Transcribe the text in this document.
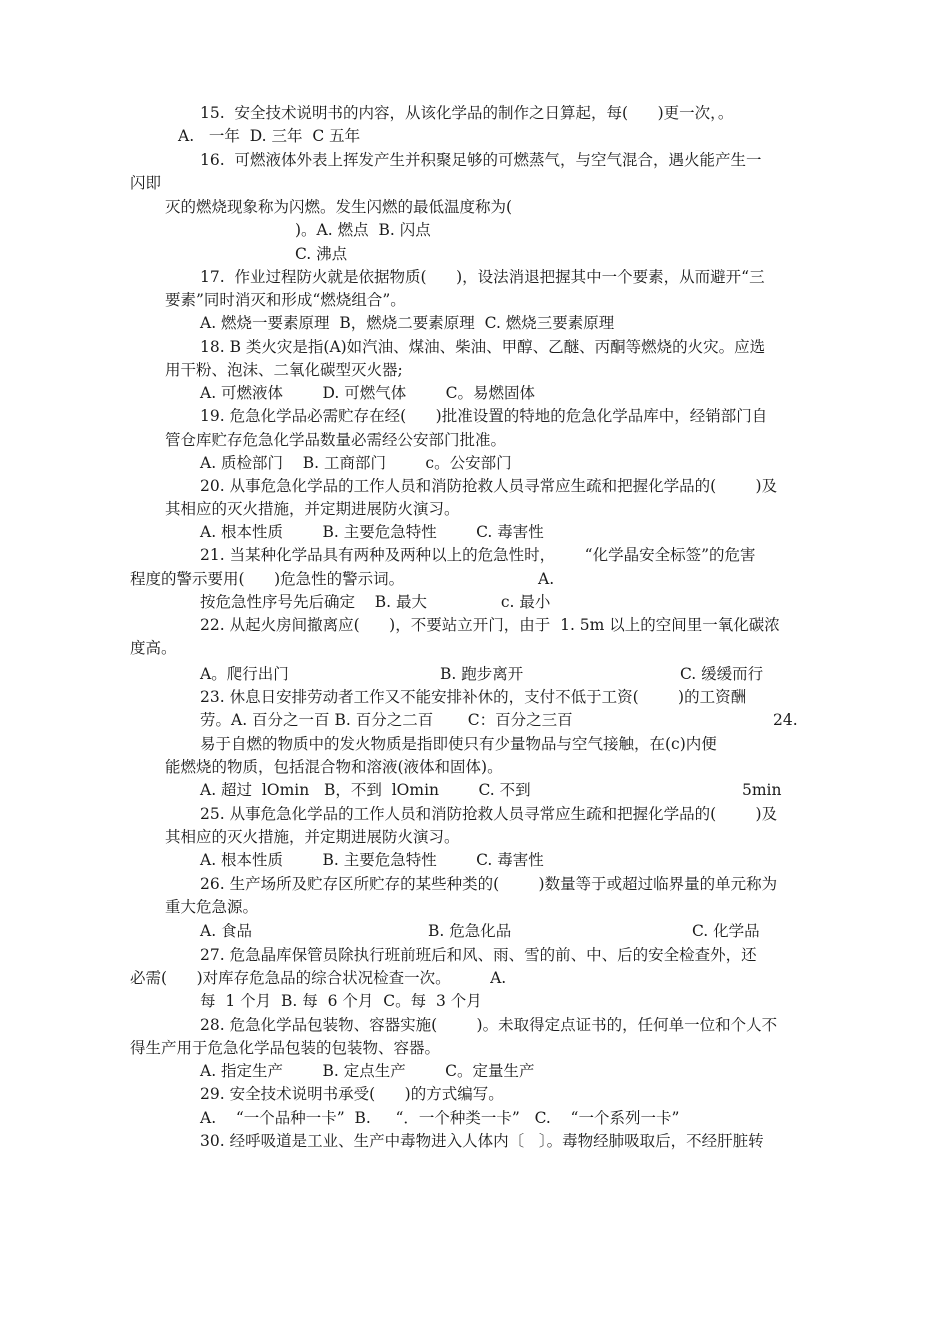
15.  安全技术说明书的内容，从该化学品的制作之日算起，每(      )更一次，。
A.   一年  D. 三年  C 五年
16.  可燃液体外表上挥发产生并积聚足够的可燃蒸气，与空气混合，遇火能产生一
闪即
灭的燃烧现象称为闪燃。发生闪燃的最低温度称为(
)。A. 燃点  B. 闪点
C. 沸点
17.  作业过程防火就是依据物质(      )，设法消退把握其中一个要素，从而避开“三
要素”同时消灭和形成“燃烧组合”。
A. 燃烧一要素原理  B，燃烧二要素原理  C. 燃烧三要素原理
18. B 类火灾是指(A)如汽油、煤油、柴油、甲醇、乙醚、丙酮等燃烧的火灾。应选
用干粉、泡沫、二氧化碳型灭火器;
A. 可燃液体        D. 可燃气体        C。易燃固体
19. 危急化学品必需贮存在经(      )批准设置的特地的危急化学品库中，经销部门自
管仓库贮存危急化学品数量必需经公安部门批准。
A. 质检部门    B. 工商部门        c。公安部门
20. 从事危急化学品的工作人员和消防抢救人员寻常应生疏和把握化学品的(        )及
其相应的灭火措施，并定期进展防火演习。
A. 根本性质        B. 主要危急特性        C. 毒害性
21. 当某种化学品具有两种及两种以上的危急性时，      “化学晶安全标签”的危害
程度的警示要用(      )危急性的警示词。	A.
按危急性序号先后确定    B. 最大               c. 最小
22. 从起火房间撤离应(      )，不要站立开门，由于  1. 5m 以上的空间里一氧化碳浓
度高。
A。爬行出门	B. 跑步离开	C. 缓缓而行
23. 休息日安排劳动者工作又不能安排补休的，支付不低于工资(        )的工资酬
劳。A. 百分之一百 B. 百分之二百       C：百分之三百	24.
易于自燃的物质中的发火物质是指即使只有少量物品与空气接触，在(c)内便
能燃烧的物质，包括混合物和溶液(液体和固体)。
A. 超过  lOmin   B，不到  lOmin        C. 不到	5min
25. 从事危急化学品的工作人员和消防抢救人员寻常应生疏和把握化学品的(        )及
其相应的灭火措施，并定期进展防火演习。
A. 根本性质        B. 主要危急特性        C. 毒害性
26. 生产场所及贮存区所贮存的某些种类的(        )数量等于或超过临界量的单元称为
重大危急源。
A. 食品	B. 危急化品	C. 化学品
27. 危急晶库保管员除执行班前班后和风、雨、雪的前、中、后的安全检查外，还
必需(      )对库存危急品的综合状况检查一次。        A.
每  1 个月  B. 每  6 个月  C。每  3 个月
28. 危急化学品包装物、容器实施(        )。未取得定点证书的，任何单一位和个人不
得生产用于危急化学品包装的包装物、容器。
A. 指定生产        B. 定点生产        C。定量生产
29. 安全技术说明书承受(      )的方式编写。
A.    “一个品种一卡”  B.     “．一个种类一卡”   C.    “一个系列一卡”
30. 经呼吸道是工业、生产中毒物进入人体内〔   〕。毒物经肺吸取后，不经肝脏转
